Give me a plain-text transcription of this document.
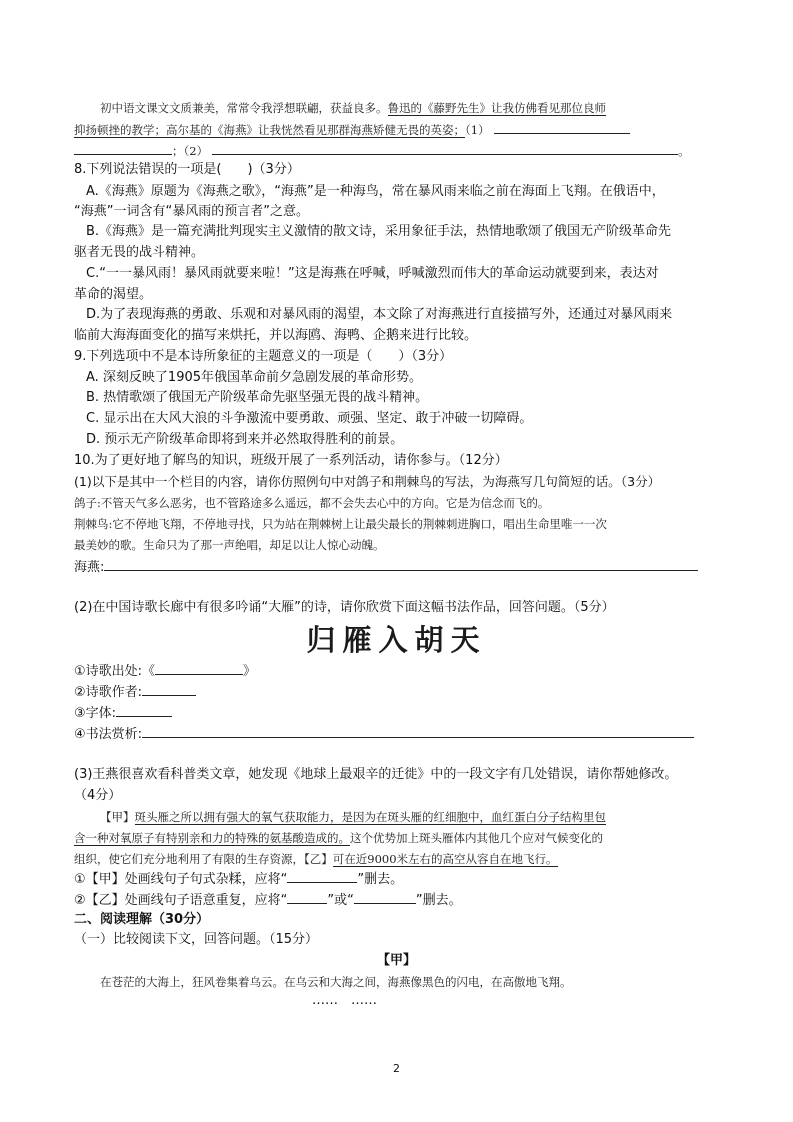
初中语文课文文质兼美，常常令我浮想联翩，获益良多。鲁迅的《藤野先生》让我仿佛看见那位良师
抑扬顿挫的教学；高尔基的《海燕》让我恍然看见那群海燕矫健无畏的英姿；（1）
；（2）	。
8.下列说法错误的一项是(　　)（3分）
A.《海燕》原题为《海燕之歌》，“海燕”是一种海鸟，常在暴风雨来临之前在海面上飞翔。在俄语中，
“海燕”一词含有“暴风雨的预言者”之意。
B.《海燕》是一篇充满批判现实主义激情的散文诗，采用象征手法，热情地歌颂了俄国无产阶级革命先
驱者无畏的战斗精神。
C.“一一暴风雨！暴风雨就要来啦！”这是海燕在呼喊，呼喊激烈而伟大的革命运动就要到来，表达对
革命的渴望。
D.为了表现海燕的勇敢、乐观和对暴风雨的渴望，本文除了对海燕进行直接描写外，还通过对暴风雨来
临前大海海面变化的描写来烘托，并以海鸥、海鸭、企鹅来进行比较。
9.下列选项中不是本诗所象征的主题意义的一项是（　　）（3分）
A. 深刻反映了1905年俄国革命前夕急剧发展的革命形势。
B. 热情歌颂了俄国无产阶级革命先驱坚强无畏的战斗精神。
C. 显示出在大风大浪的斗争激流中要勇敢、顽强、坚定、敢于冲破一切障碍。
D. 预示无产阶级革命即将到来并必然取得胜利的前景。
10.为了更好地了解鸟的知识，班级开展了一系列活动，请你参与。（12分）
(1)以下是其中一个栏目的内容，请你仿照例句中对鸽子和荆棘鸟的写法，为海燕写几句简短的话。（3分）
鸽子:不管天气多么恶劣，也不管路途多么遥远，都不会失去心中的方向。它是为信念而飞的。
荆棘鸟:它不停地飞翔，不停地寻找，只为站在荆棘树上让最尖最长的荆棘刺进胸口，唱出生命里唯一一次
最美妙的歌。生命只为了那一声绝唱，却足以让人惊心动魄。
海燕:
(2)在中国诗歌长廊中有很多吟诵“大雁”的诗，请你欣赏下面这幅书法作品，回答问题。（5分）
归雁入胡天
①诗歌出处:《	》
②诗歌作者:
③字体:
④书法赏析:
(3)王燕很喜欢看科普类文章，她发现《地球上最艰辛的迁徙》中的一段文字有几处错误，请你帮她修改。
（4分）
【甲】斑头雁之所以拥有强大的氧气获取能力，是因为在斑头雁的红细胞中，血红蛋白分子结构里包
含一种对氧原子有特别亲和力的特殊的氨基酸造成的。这个优势加上斑头雁体内其他几个应对气候变化的
组织，使它们充分地利用了有限的生存资源，【乙】可在近9000米左右的高空从容自在地飞行。
①【甲】处画线句子句式杂糅，应将“	”删去。
②【乙】处画线句子语意重复，应将“	”或“	”删去。
二、阅读理解（30分）
（一）比较阅读下文，回答问题。（15分）
【甲】
在苍茫的大海上，狂风卷集着乌云。在乌云和大海之间，海燕像黑色的闪电，在高傲地飞翔。
……　……
2
